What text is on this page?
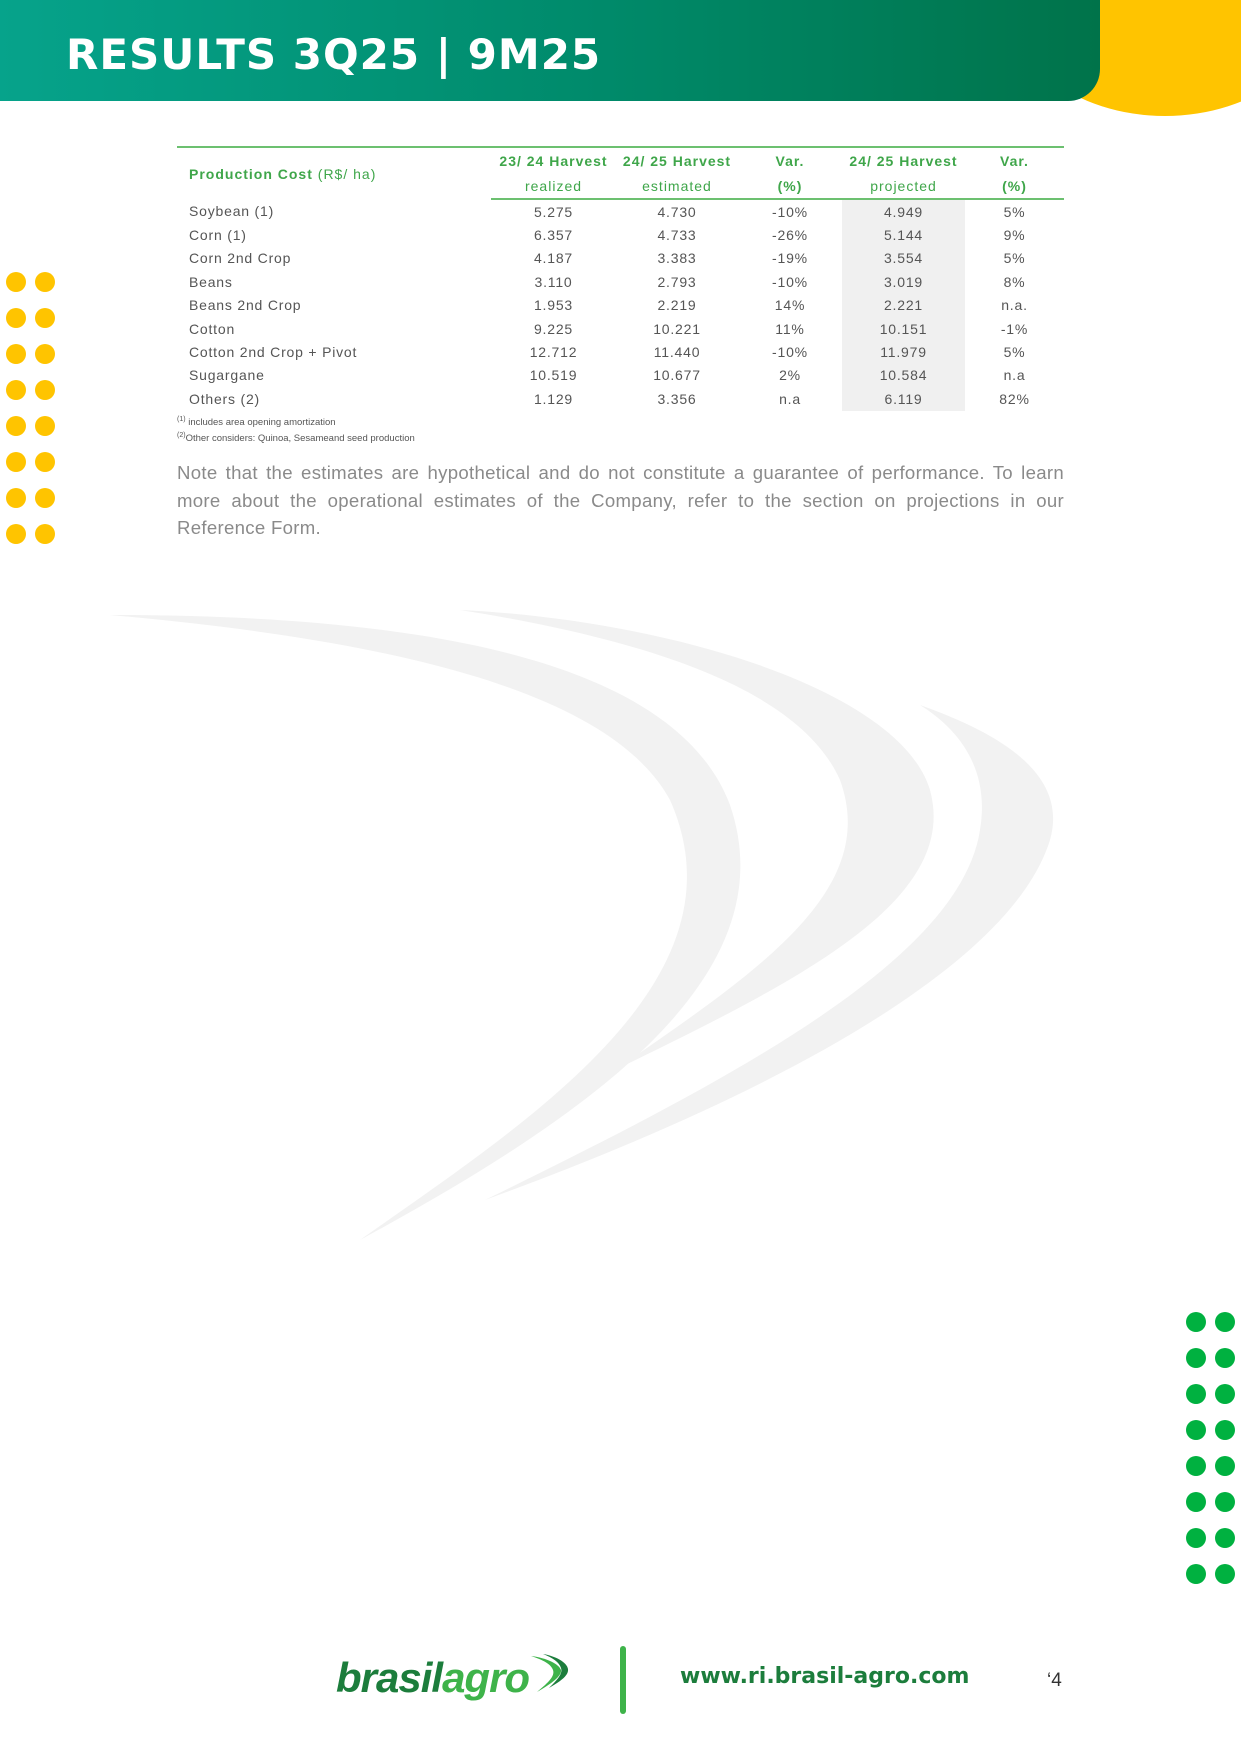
RESULTS 3Q25 | 9M25
Production Cost (R$/ ha)	23/ 24 Harvest	24/ 25 Harvest	Var.	24/ 25 Harvest	Var.
	realized	estimated	(%)	projected	(%)
Soybean (1)	5.275	4.730	-10%	4.949	5%
Corn (1)	6.357	4.733	-26%	5.144	9%
Corn 2nd Crop	4.187	3.383	-19%	3.554	5%
Beans	3.110	2.793	-10%	3.019	8%
Beans 2nd Crop	1.953	2.219	14%	2.221	n.a.
Cotton	9.225	10.221	11%	10.151	-1%
Cotton 2nd Crop + Pivot	12.712	11.440	-10%	11.979	5%
Sugargane	10.519	10.677	2%	10.584	n.a
Others (2)	1.129	3.356	n.a	6.119	82%
$^{(1)}$ includes area opening amortization
$^{(2)}$Other considers: Quinoa, Sesameand seed production

Note that the estimates are hypothetical and do not constitute a guarantee of performance. To learn more about the operational estimates of the Company, refer to the section on projections in our Reference Form.

brasilagro	www.ri.brasil-agro.com	‘4
